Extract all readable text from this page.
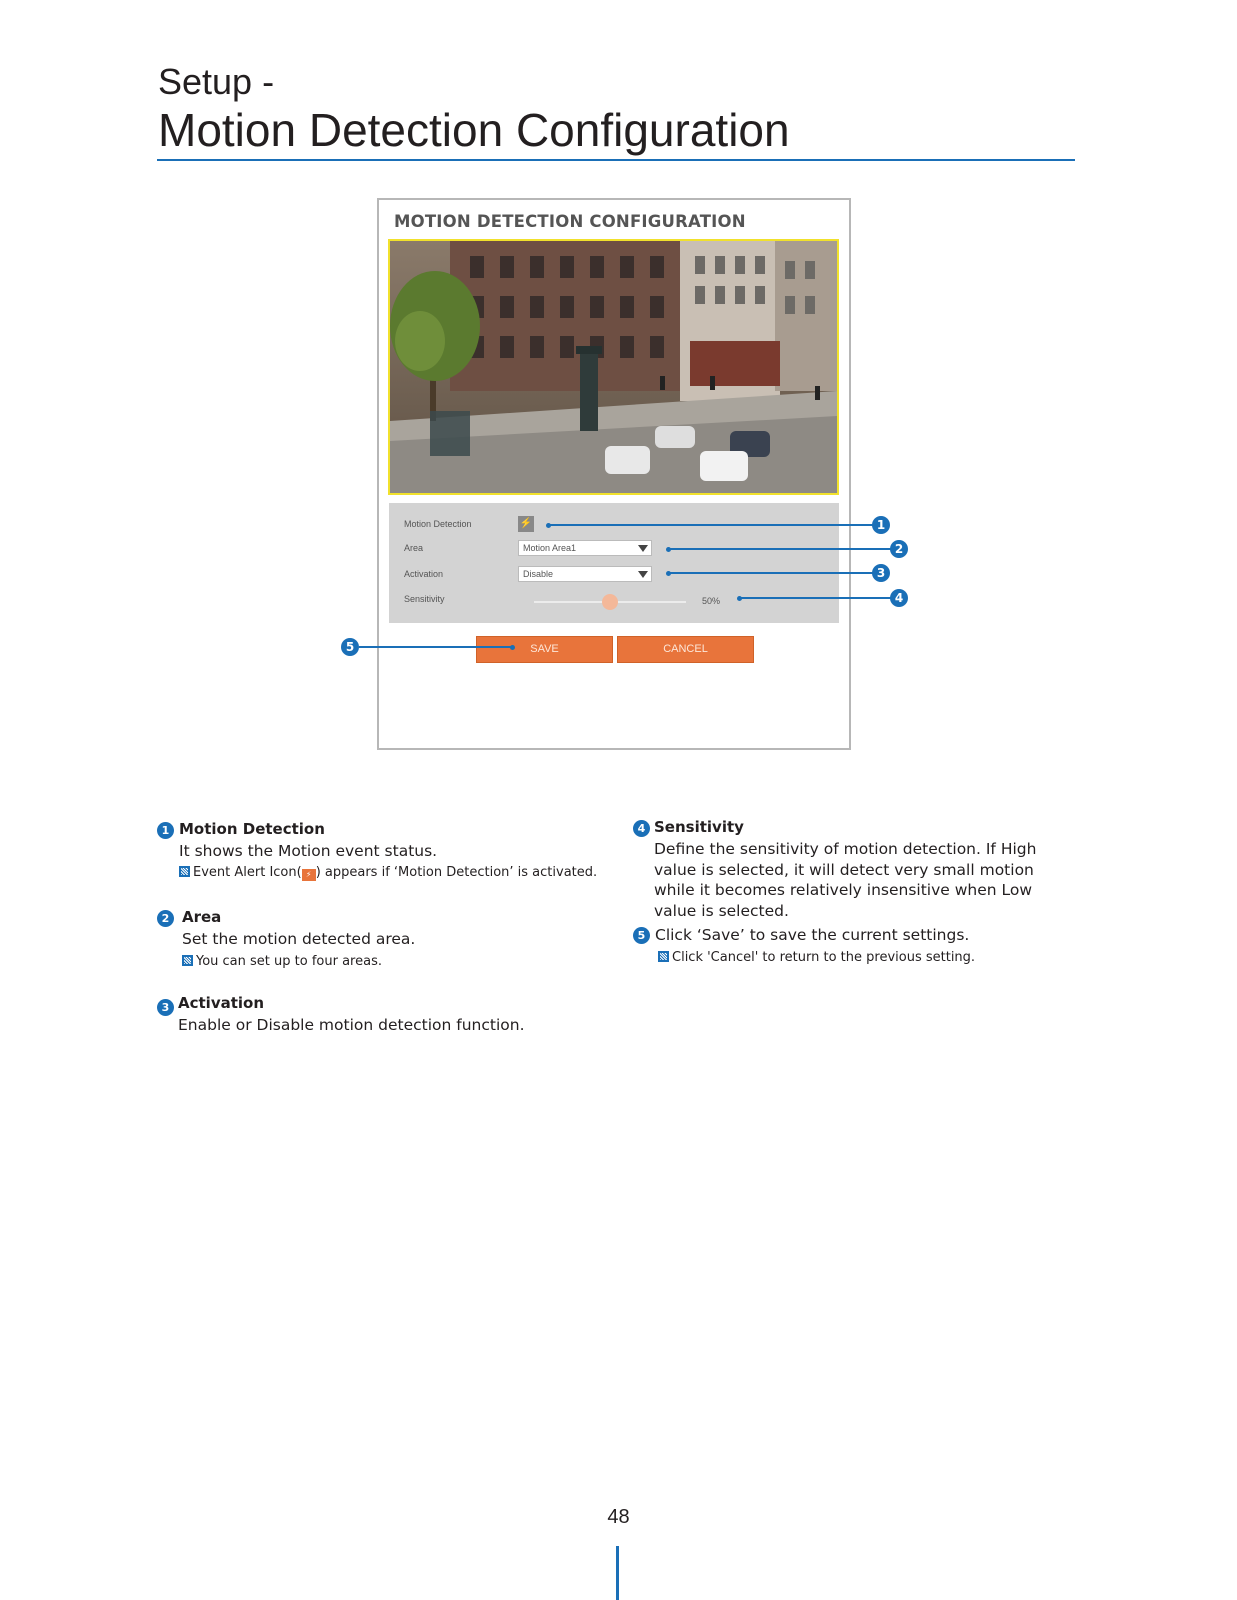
Setup -
Motion Detection Configuration
MOTION DETECTION CONFIGURATION
Motion Detection	⚡
Area	Motion Area1
Activation	Disable
Sensitivity	50%
SAVE	CANCEL
1
2
3
4
5
1 Motion Detection
It shows the Motion event status.
Event Alert Icon( ⚡ ) appears if ‘Motion Detection’ is activated.
2 Area
Set the motion detected area.
You can set up to four areas.
3 Activation
Enable or Disable motion detection function.
4 Sensitivity
Define the sensitivity of motion detection. If High value is selected, it will detect very small motion while it becomes relatively insensitive when Low value is selected.
5 Click ‘Save’ to save the current settings.
Click 'Cancel' to return to the previous setting.
48
